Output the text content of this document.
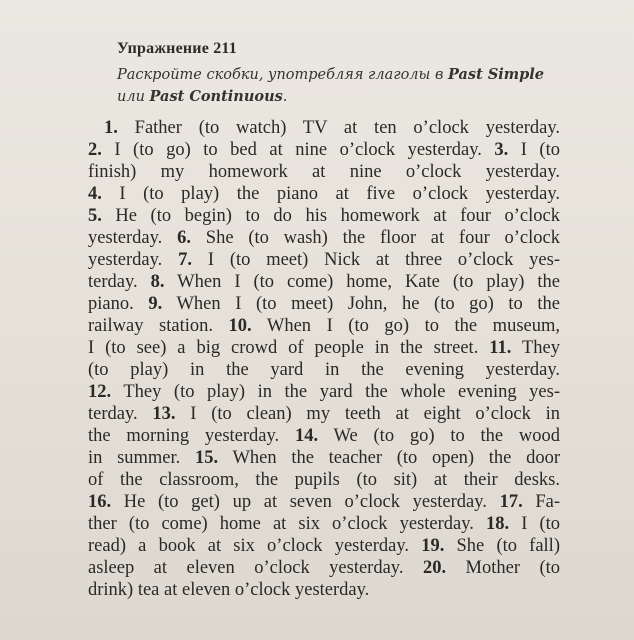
Упражнение 211
Раскройте скобки, употребляя глаголы в Past Simple или Past Continuous.
1. Father (to watch) TV at ten o’clock yesterday.
2. I (to go) to bed at nine o’clock yesterday. 3. I (to
finish) my homework at nine o’clock yesterday.
4. I (to play) the piano at five o’clock yesterday.
5. He (to begin) to do his homework at four o’clock
yesterday. 6. She (to wash) the floor at four o’clock
yesterday. 7. I (to meet) Nick at three o’clock yes-
terday. 8. When I (to come) home, Kate (to play) the
piano. 9. When I (to meet) John, he (to go) to the
railway station. 10. When I (to go) to the museum,
I (to see) a big crowd of people in the street. 11. They
(to play) in the yard in the evening yesterday.
12. They (to play) in the yard the whole evening yes-
terday. 13. I (to clean) my teeth at eight o’clock in
the morning yesterday. 14. We (to go) to the wood
in summer. 15. When the teacher (to open) the door
of the classroom, the pupils (to sit) at their desks.
16. He (to get) up at seven o’clock yesterday. 17. Fa-
ther (to come) home at six o’clock yesterday. 18. I (to
read) a book at six o’clock yesterday. 19. She (to fall)
asleep at eleven o’clock yesterday. 20. Mother (to
drink) tea at eleven o’clock yesterday.
